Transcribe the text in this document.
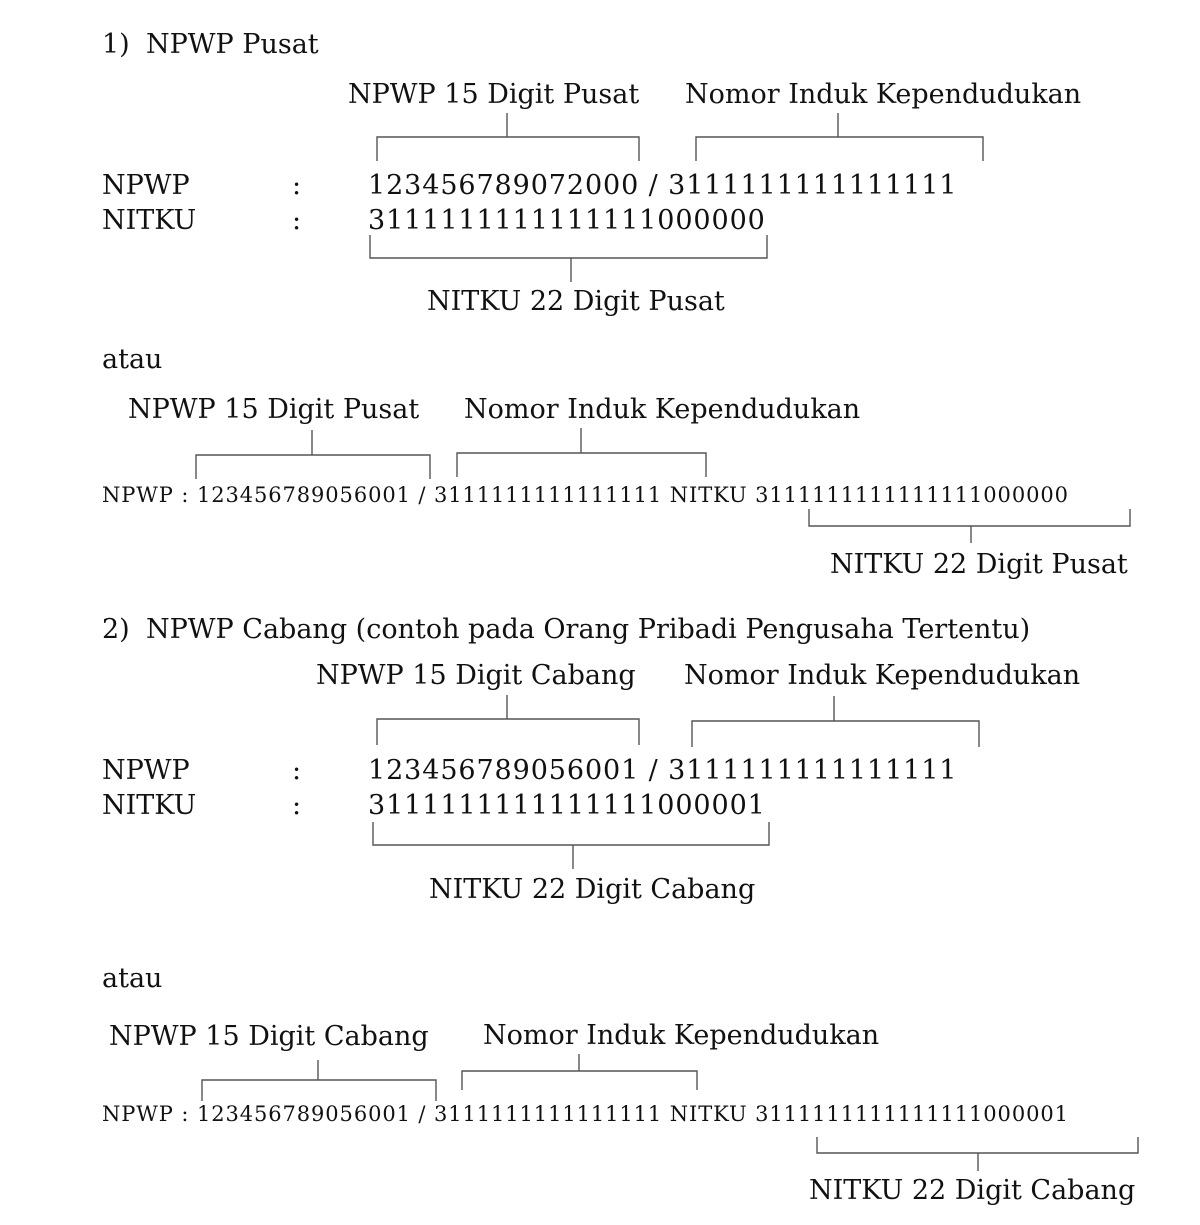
1) NPWP Pusat
NPWP 15 Digit Pusat Nomor Induk Kependudukan
NPWP	: 123456789072000 / 3111111111111111
NITKU	: 3111111111111111000000
NITKU 22 Digit Pusat
atau
NPWP 15 Digit Pusat Nomor Induk Kependudukan
NPWP : 123456789056001 / 3111111111111111 NITKU 3111111111111111000000
NITKU 22 Digit Pusat
2) NPWP Cabang (contoh pada Orang Pribadi Pengusaha Tertentu)
NPWP 15 Digit Cabang Nomor Induk Kependudukan
NPWP	: 123456789056001 / 3111111111111111
NITKU	: 3111111111111111000001
NITKU 22 Digit Cabang
atau
NPWP 15 Digit Cabang Nomor Induk Kependudukan
NPWP : 123456789056001 / 3111111111111111 NITKU 3111111111111111000001
NITKU 22 Digit Cabang
